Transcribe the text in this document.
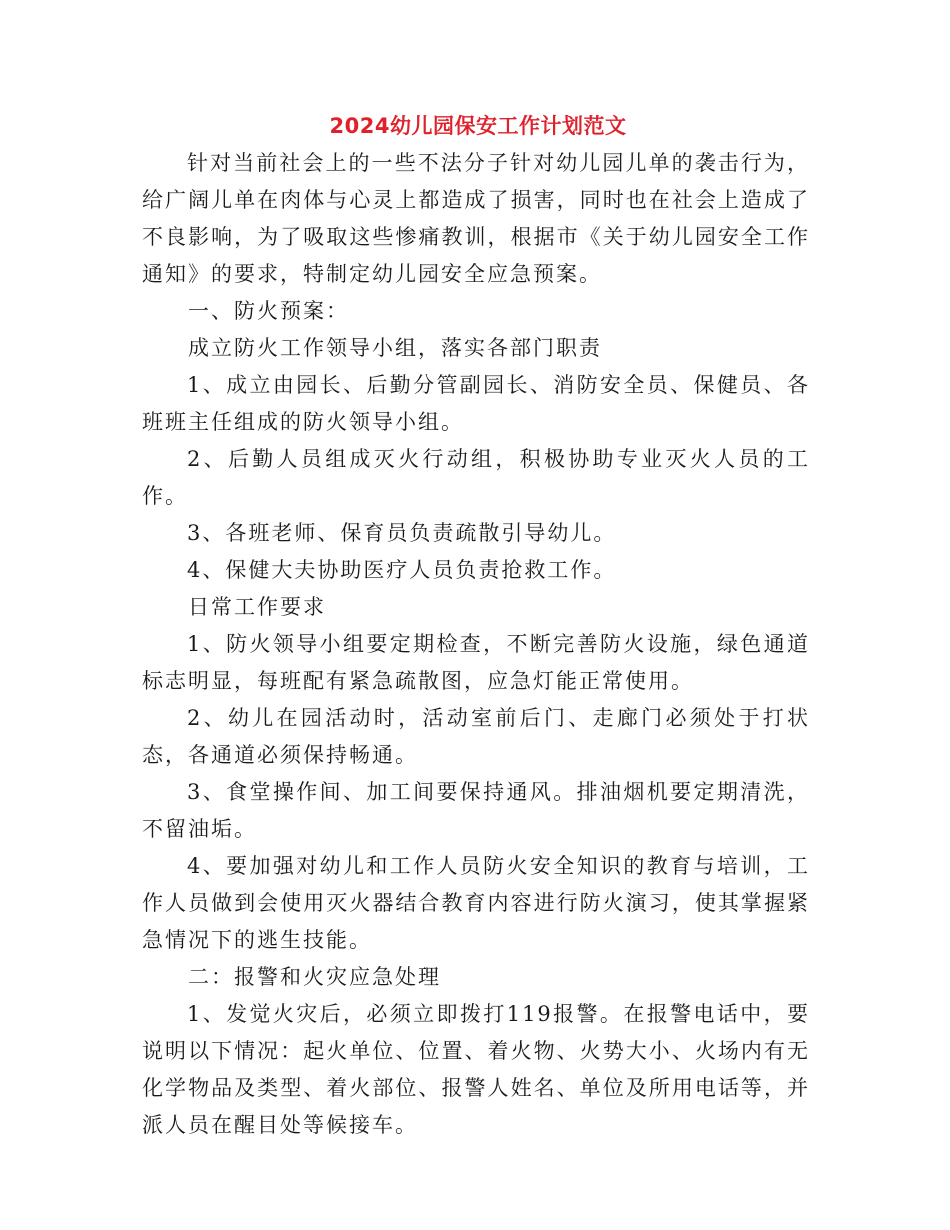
2024幼儿园保安工作计划范文

针对当前社会上的一些不法分子针对幼儿园儿单的袭击行为，给广阔儿单在肉体与心灵上都造成了损害，同时也在社会上造成了不良影响，为了吸取这些惨痛教训，根据市《关于幼儿园安全工作通知》的要求，特制定幼儿园安全应急预案。

一、防火预案：

成立防火工作领导小组，落实各部门职责

1、成立由园长、后勤分管副园长、消防安全员、保健员、各班班主任组成的防火领导小组。

2、后勤人员组成灭火行动组，积极协助专业灭火人员的工作。

3、各班老师、保育员负责疏散引导幼儿。

4、保健大夫协助医疗人员负责抢救工作。

日常工作要求

1、防火领导小组要定期检查，不断完善防火设施，绿色通道标志明显，每班配有紧急疏散图，应急灯能正常使用。

2、幼儿在园活动时，活动室前后门、走廊门必须处于打状态，各通道必须保持畅通。

3、食堂操作间、加工间要保持通风。排油烟机要定期清洗，不留油垢。

4、要加强对幼儿和工作人员防火安全知识的教育与培训，工作人员做到会使用灭火器结合教育内容进行防火演习，使其掌握紧急情况下的逃生技能。

二：报警和火灾应急处理

1、发觉火灾后，必须立即拨打119报警。在报警电话中，要说明以下情况：起火单位、位置、着火物、火势大小、火场内有无化学物品及类型、着火部位、报警人姓名、单位及所用电话等，并派人员在醒目处等候接车。
